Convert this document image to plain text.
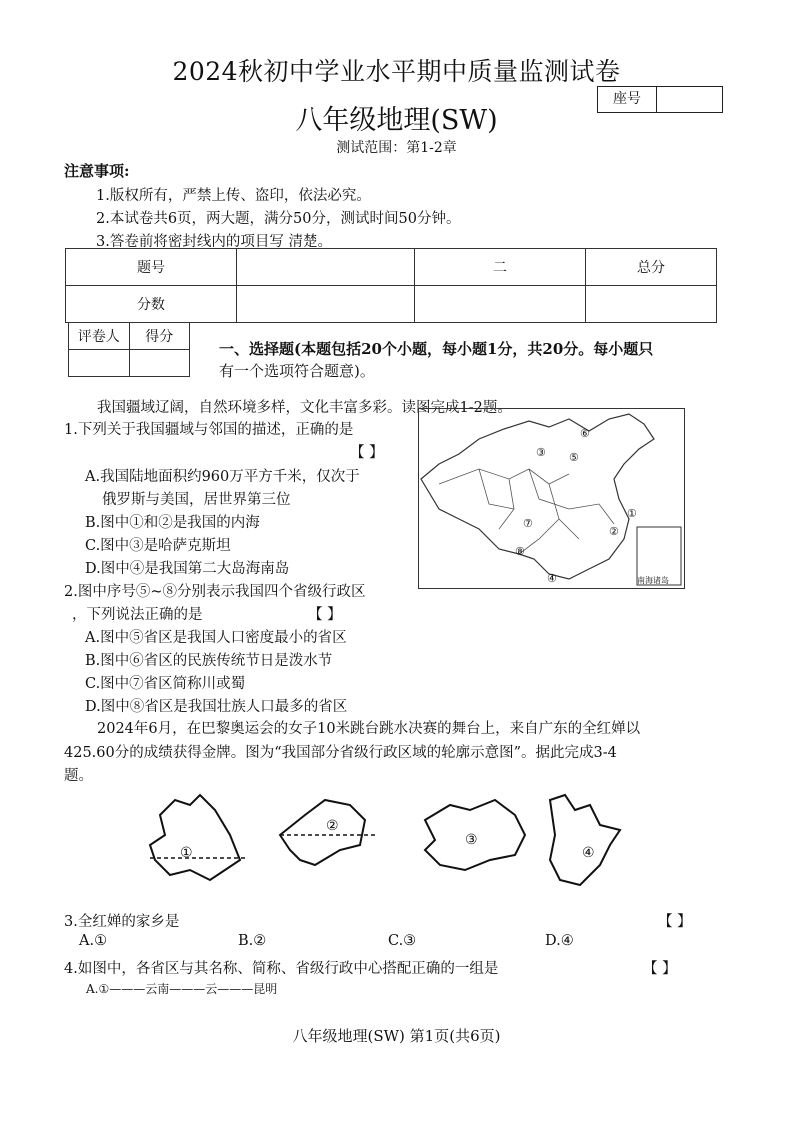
2024秋初中学业水平期中质量监测试卷
八年级地理(SW)
座号
测试范围：第1-2章
注意事项:
1.版权所有，严禁上传、盗印，依法必究。
2.本试卷共6页，两大题，满分50分，测试时间50分钟。
3.答卷前将密封线内的项目写 清楚。
题号		二	总分
分数			
评卷人	得分

一、选择题(本题包括20个小题，每小题1分，共20分。每小题只
有一个选项符合题意)。
我国疆域辽阔，自然环境多样，文化丰富多彩。读图完成1-2题。
1.下列关于我国疆域与邻国的描述，正确的是
【 】
A.我国陆地面积约960万平方千米，仅次于
俄罗斯与美国，居世界第三位
B.图中①和②是我国的内海
C.图中③是哈萨克斯坦
D.图中④是我国第二大岛海南岛
③ ⑤
⑥
①
⑦
②
⑧
④	南海诸岛
2.图中序号⑤~⑧分别表示我国四个省级行政区
，下列说法正确的是	【 】
A.图中⑤省区是我国人口密度最小的省区
B.图中⑥省区的民族传统节日是泼水节
C.图中⑦省区简称川或蜀
D.图中⑧省区是我国壮族人口最多的省区
2024年6月，在巴黎奥运会的女子10米跳台跳水决赛的舞台上，来自广东的全红婵以
425.60分的成绩获得金牌。图为“我国部分省级行政区域的轮廓示意图”。据此完成3-4
题。
①
②
③
④
3.全红婵的家乡是	【 】
A.①	B.②	C.③	D.④
4.如图中，各省区与其名称、简称、省级行政中心搭配正确的一组是	【 】
A.①———云南———云———昆明
八年级地理(SW) 第1页(共6页)
